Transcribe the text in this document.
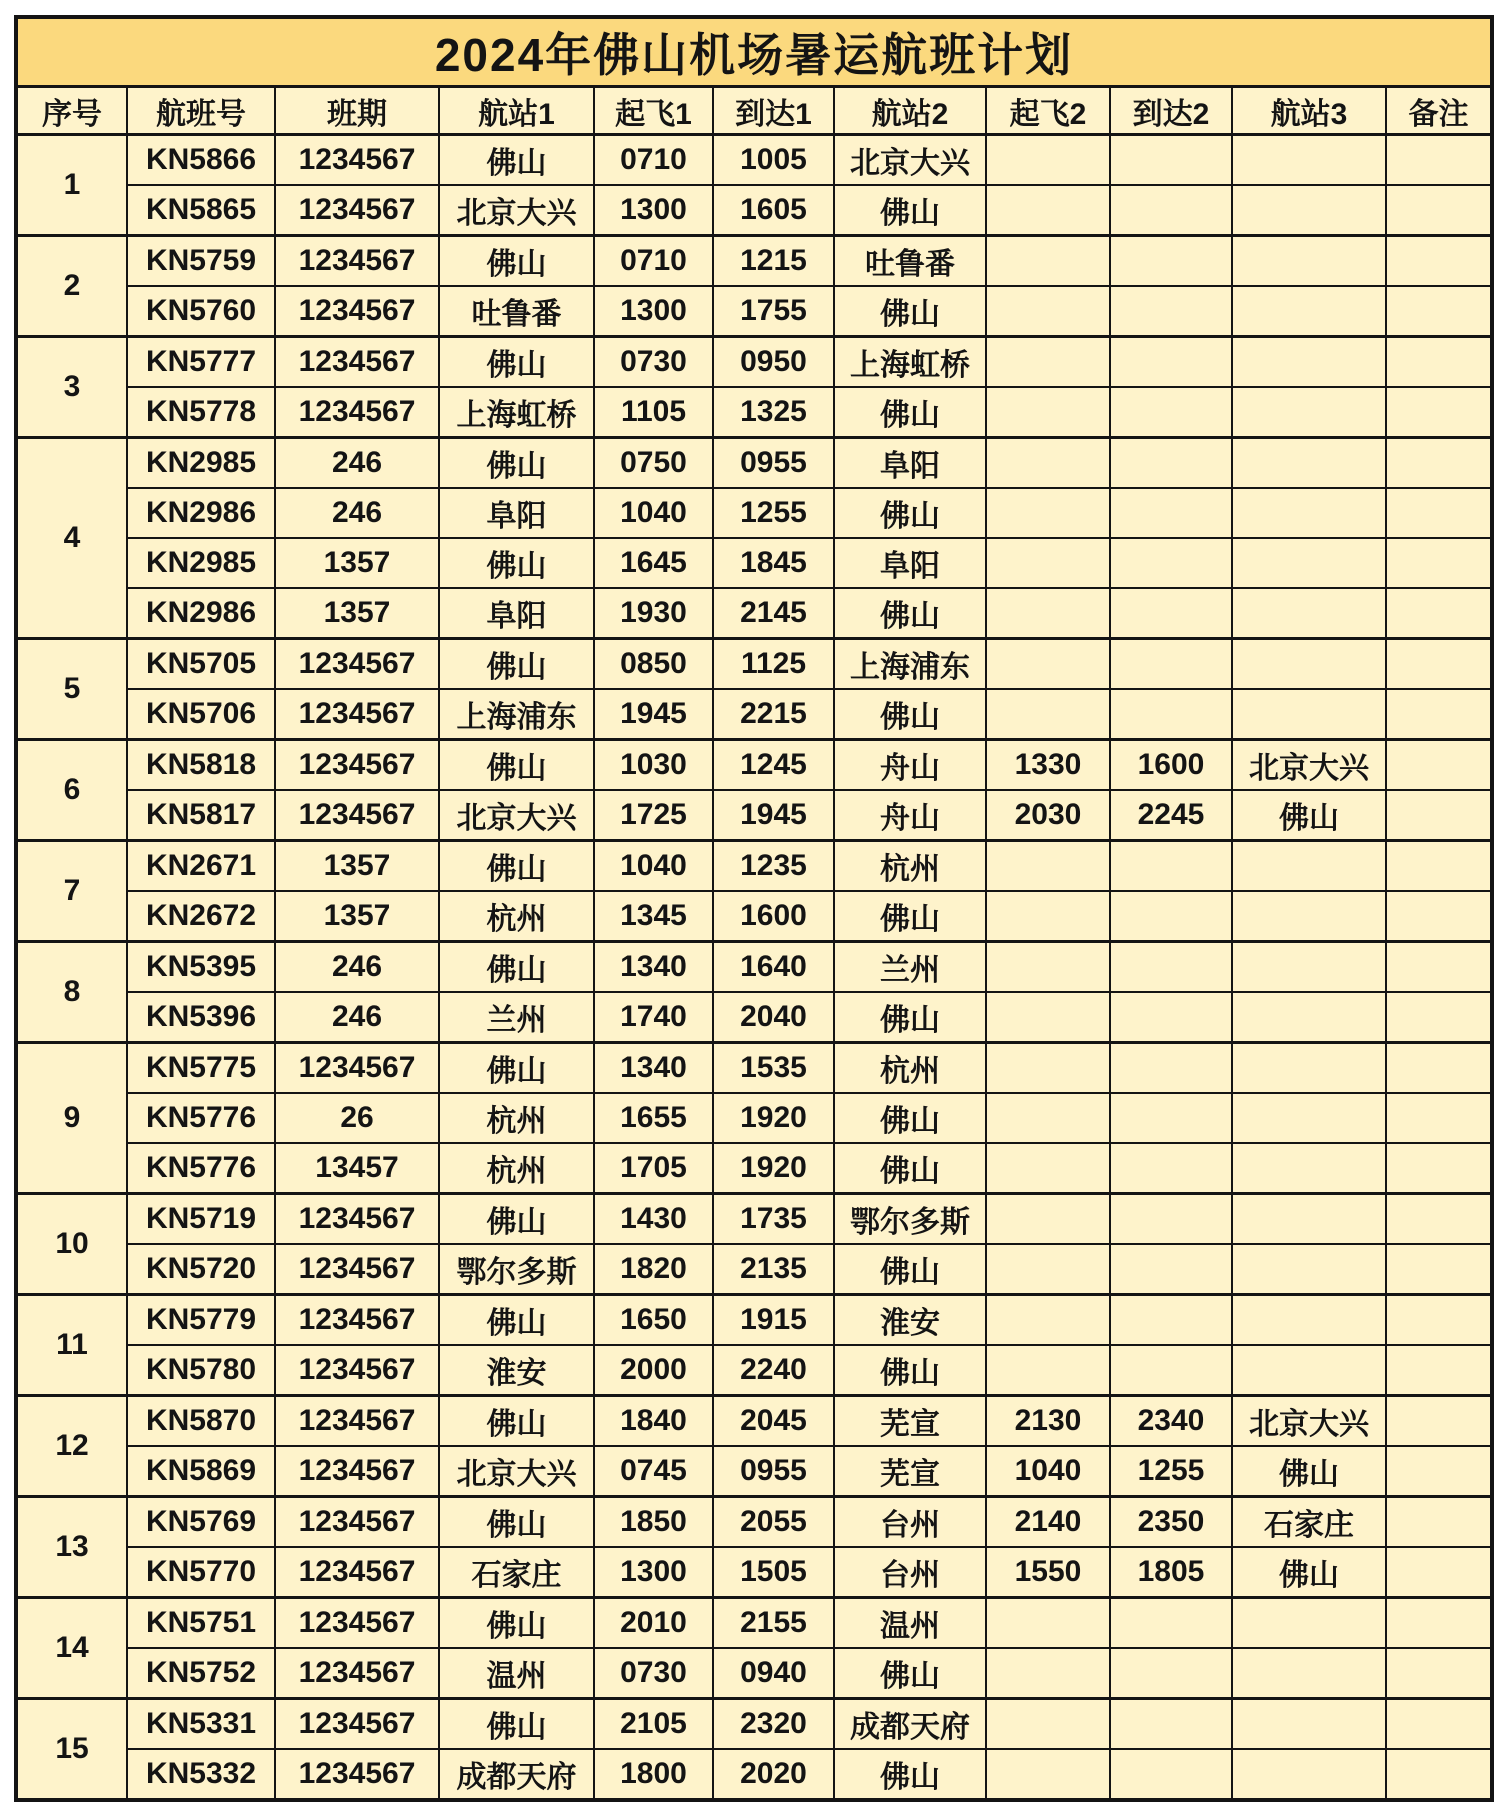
2024年佛山机场暑运航班计划										
序号	航班号	班期	航站1	起飞1	到达1	航站2	起飞2	到达2	航站3	备注
1	KN5866	1234567	佛山	0710	1005	北京大兴				
	KN5865	1234567	北京大兴	1300	1605	佛山				
2	KN5759	1234567	佛山	0710	1215	吐鲁番				
	KN5760	1234567	吐鲁番	1300	1755	佛山				
3	KN5777	1234567	佛山	0730	0950	上海虹桥				
	KN5778	1234567	上海虹桥	1105	1325	佛山				
4	KN2985	246	佛山	0750	0955	阜阳				
	KN2986	246	阜阳	1040	1255	佛山				
	KN2985	1357	佛山	1645	1845	阜阳				
	KN2986	1357	阜阳	1930	2145	佛山				
5	KN5705	1234567	佛山	0850	1125	上海浦东				
	KN5706	1234567	上海浦东	1945	2215	佛山				
6	KN5818	1234567	佛山	1030	1245	舟山	1330	1600	北京大兴	
	KN5817	1234567	北京大兴	1725	1945	舟山	2030	2245	佛山	
7	KN2671	1357	佛山	1040	1235	杭州				
	KN2672	1357	杭州	1345	1600	佛山				
8	KN5395	246	佛山	1340	1640	兰州				
	KN5396	246	兰州	1740	2040	佛山				
9	KN5775	1234567	佛山	1340	1535	杭州				
	KN5776	26	杭州	1655	1920	佛山				
	KN5776	13457	杭州	1705	1920	佛山				
10	KN5719	1234567	佛山	1430	1735	鄂尔多斯				
	KN5720	1234567	鄂尔多斯	1820	2135	佛山				
11	KN5779	1234567	佛山	1650	1915	淮安				
	KN5780	1234567	淮安	2000	2240	佛山				
12	KN5870	1234567	佛山	1840	2045	芜宣	2130	2340	北京大兴	
	KN5869	1234567	北京大兴	0745	0955	芜宣	1040	1255	佛山	
13	KN5769	1234567	佛山	1850	2055	台州	2140	2350	石家庄	
	KN5770	1234567	石家庄	1300	1505	台州	1550	1805	佛山	
14	KN5751	1234567	佛山	2010	2155	温州				
	KN5752	1234567	温州	0730	0940	佛山				
15	KN5331	1234567	佛山	2105	2320	成都天府				
	KN5332	1234567	成都天府	1800	2020	佛山				
